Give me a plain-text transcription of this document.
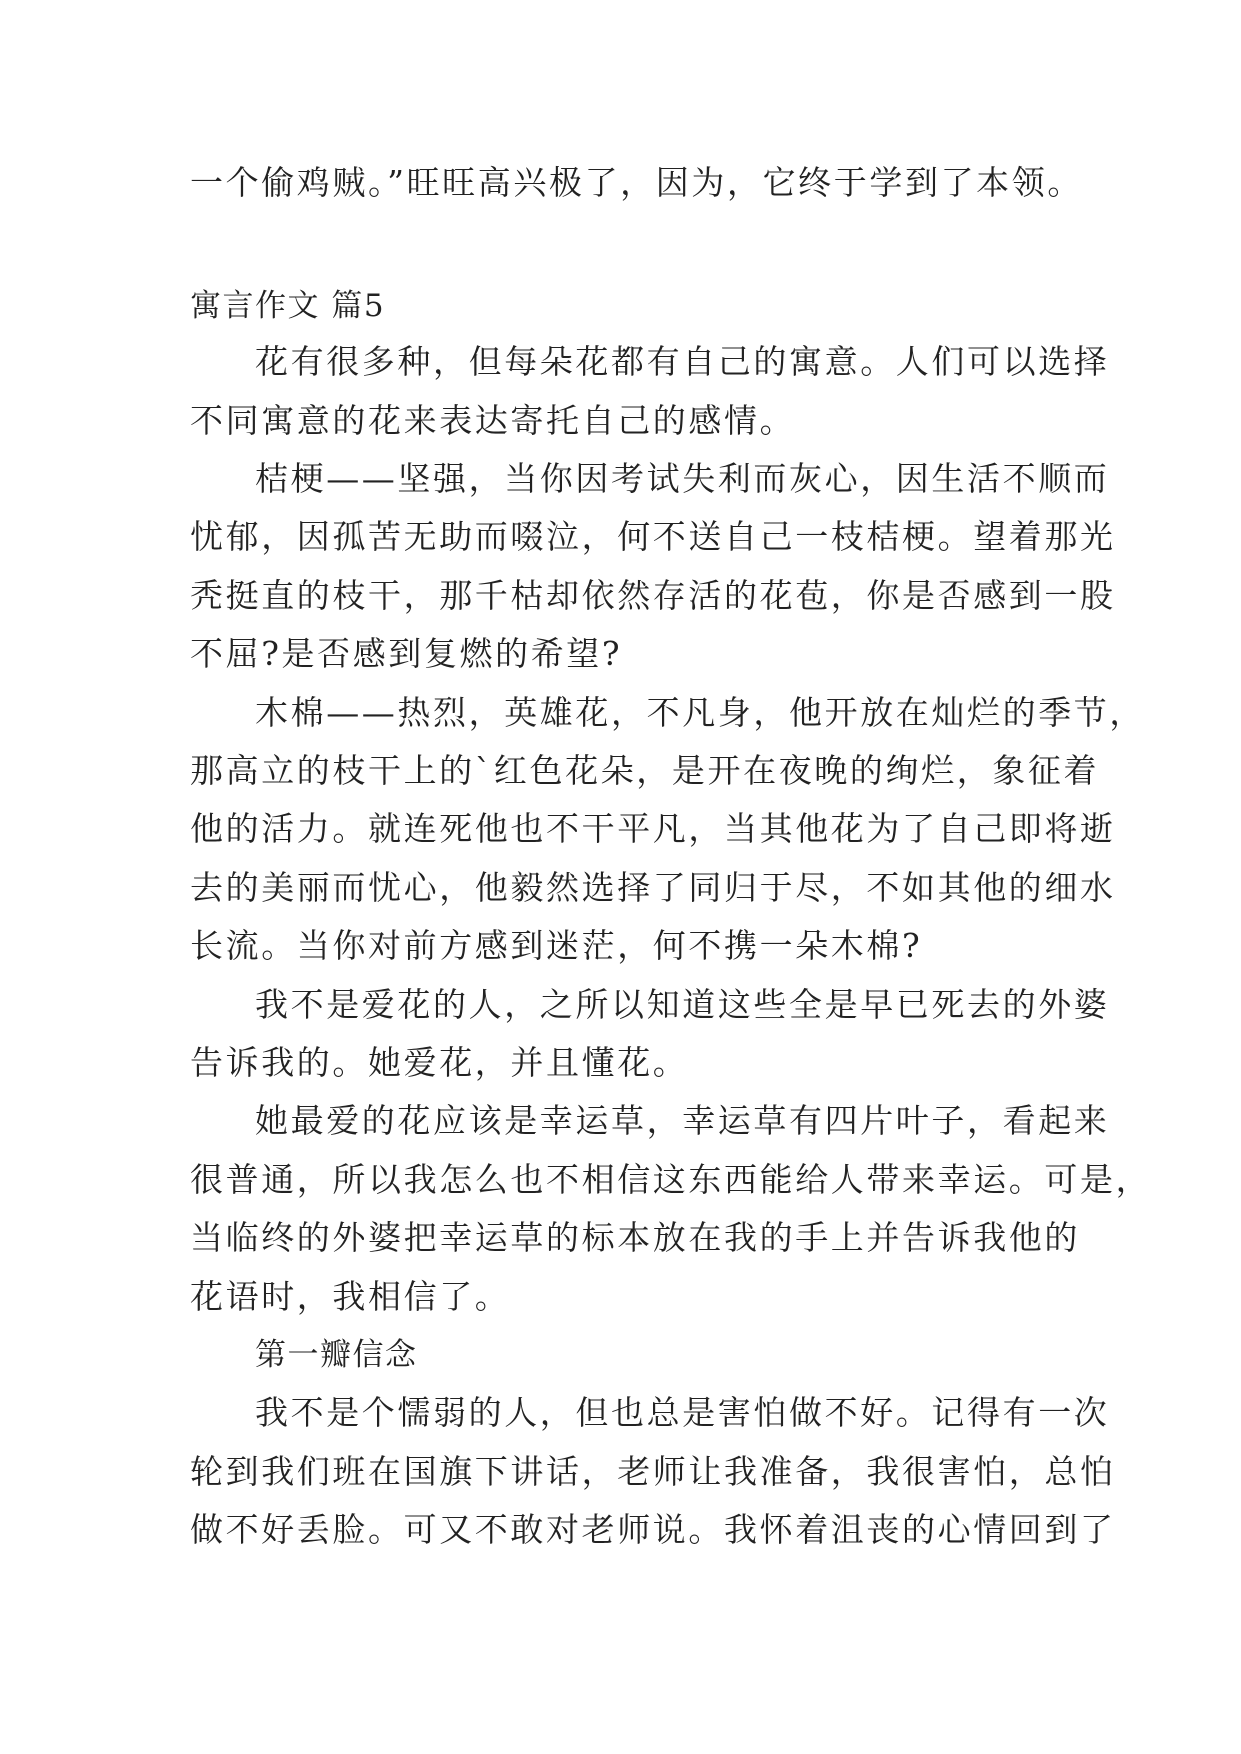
一个偷鸡贼。”旺旺高兴极了，因为，它终于学到了本领。
寓言作文 篇5
花有很多种，但每朵花都有自己的寓意。人们可以选择
不同寓意的花来表达寄托自己的感情。
桔梗——坚强，当你因考试失利而灰心，因生活不顺而
忧郁，因孤苦无助而啜泣，何不送自己一枝桔梗。望着那光
秃挺直的枝干，那千枯却依然存活的花苞，你是否感到一股
不屈?是否感到复燃的希望?
木棉——热烈，英雄花，不凡身，他开放在灿烂的季节，
那高立的枝干上的`红色花朵，是开在夜晚的绚烂，象征着
他的活力。就连死他也不干平凡，当其他花为了自己即将逝
去的美丽而忧心，他毅然选择了同归于尽，不如其他的细水
长流。当你对前方感到迷茫，何不携一朵木棉?
我不是爱花的人，之所以知道这些全是早已死去的外婆
告诉我的。她爱花，并且懂花。
她最爱的花应该是幸运草，幸运草有四片叶子，看起来
很普通，所以我怎么也不相信这东西能给人带来幸运。可是，
当临终的外婆把幸运草的标本放在我的手上并告诉我他的
花语时，我相信了。
第一瓣信念
我不是个懦弱的人，但也总是害怕做不好。记得有一次
轮到我们班在国旗下讲话，老师让我准备，我很害怕，总怕
做不好丢脸。可又不敢对老师说。我怀着沮丧的心情回到了
